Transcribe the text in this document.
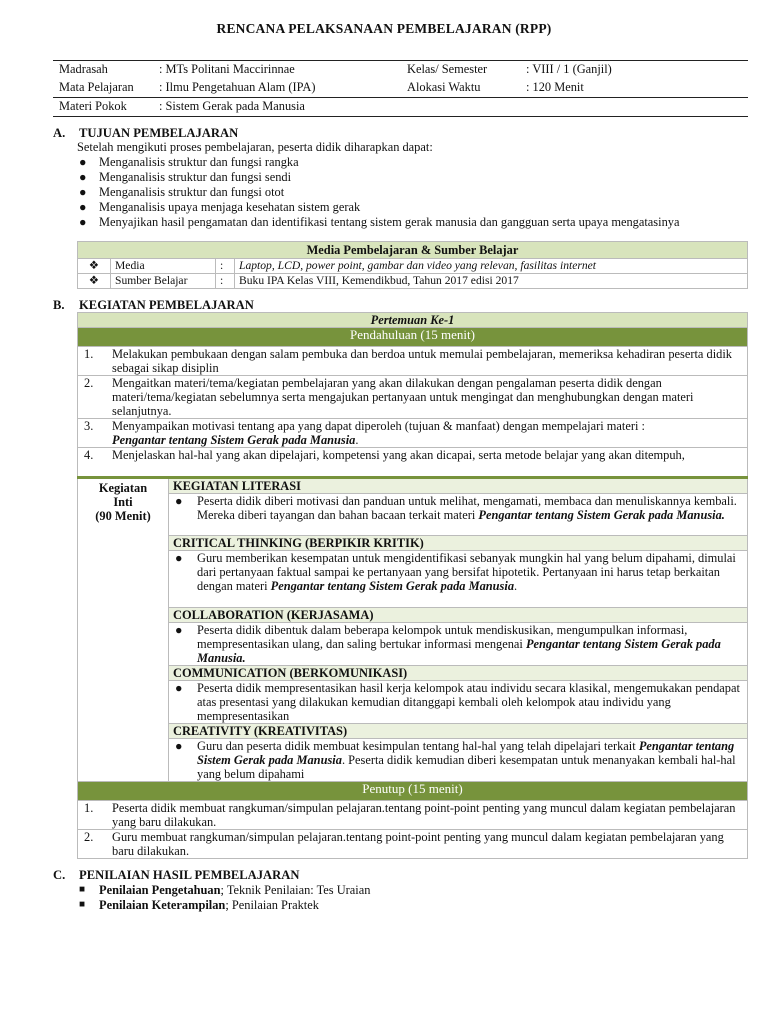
RENCANA PELAKSANAAN PEMBELAJARAN (RPP)
Madrasah	: MTs Politani Maccirinnae	Kelas/ Semester	: VIII / 1 (Ganjil)
Mata Pelajaran	: Ilmu Pengetahuan Alam (IPA)	Alokasi Waktu	: 120 Menit
Materi Pokok	: Sistem Gerak pada Manusia		
A. TUJUAN PEMBELAJARAN
Setelah mengikuti proses pembelajaran, peserta didik diharapkan dapat:
● Menganalisis struktur dan fungsi rangka
● Menganalisis struktur dan fungsi sendi
● Menganalisis struktur dan fungsi otot
● Menganalisis upaya menjaga kesehatan sistem gerak
● Menyajikan hasil pengamatan dan identifikasi tentang sistem gerak manusia dan gangguan serta upaya mengatasinya
Media Pembelajaran & Sumber Belajar			
❖	Media	:	Laptop, LCD, power point, gambar dan video yang relevan, fasilitas internet
❖	Sumber Belajar	:	Buku IPA Kelas VIII, Kemendikbud, Tahun 2017 edisi 2017
B. KEGIATAN PEMBELAJARAN
Pertemuan Ke-1
Pendahuluan (15 menit)

1.	Melakukan pembukaan dengan salam pembuka dan berdoa untuk memulai pembelajaran, memeriksa kehadiran peserta didik sebagai sikap disiplin

2.	Mengaitkan materi/tema/kegiatan pembelajaran yang akan dilakukan dengan pengalaman peserta didik dengan materi/tema/kegiatan sebelumnya serta mengajukan pertanyaan untuk mengingat dan menghubungkan dengan materi selanjutnya.

3.	Menyampaikan motivasi tentang apa yang dapat diperoleh (tujuan & manfaat) dengan mempelajari materi :
Pengantar tentang Sistem Gerak pada Manusia.

4.	Menjelaskan hal-hal yang akan dipelajari, kompetensi yang akan dicapai, serta metode belajar yang akan ditempuh,

Kegiatan
Inti
(90 Menit)	KEGIATAN LITERASI

● Peserta didik diberi motivasi dan panduan untuk melihat, mengamati, membaca dan menuliskannya kembali. Mereka diberi tayangan dan bahan bacaan terkait materi Pengantar tentang Sistem Gerak pada Manusia.
CRITICAL THINKING (BERPIKIR KRITIK)

● Guru memberikan kesempatan untuk mengidentifikasi sebanyak mungkin hal yang belum dipahami, dimulai dari pertanyaan faktual sampai ke pertanyaan yang bersifat hipotetik. Pertanyaan ini harus tetap berkaitan dengan materi Pengantar tentang Sistem Gerak pada Manusia.
COLLABORATION (KERJASAMA)

● Peserta didik dibentuk dalam beberapa kelompok untuk mendiskusikan, mengumpulkan informasi, mempresentasikan ulang, dan saling bertukar informasi mengenai Pengantar tentang Sistem Gerak pada Manusia.
COMMUNICATION (BERKOMUNIKASI)

● Peserta didik mempresentasikan hasil kerja kelompok atau individu secara klasikal, mengemukakan pendapat atas presentasi yang dilakukan kemudian ditanggapi kembali oleh kelompok atau individu yang mempresentasikan
CREATIVITY (KREATIVITAS)

● Guru dan peserta didik membuat kesimpulan tentang hal-hal yang telah dipelajari terkait Pengantar tentang Sistem Gerak pada Manusia. Peserta didik kemudian diberi kesempatan untuk menanyakan kembali hal-hal yang belum dipahami
Penutup (15 menit)

1.	Peserta didik membuat rangkuman/simpulan pelajaran.tentang point-point penting yang muncul dalam kegiatan pembelajaran yang baru dilakukan.

2.	Guru membuat rangkuman/simpulan pelajaran.tentang point-point penting yang muncul dalam kegiatan pembelajaran yang baru dilakukan.
C. PENILAIAN HASIL PEMBELAJARAN
■ Penilaian Pengetahuan; Teknik Penilaian: Tes Uraian
■ Penilaian Keterampilan; Penilaian Praktek
